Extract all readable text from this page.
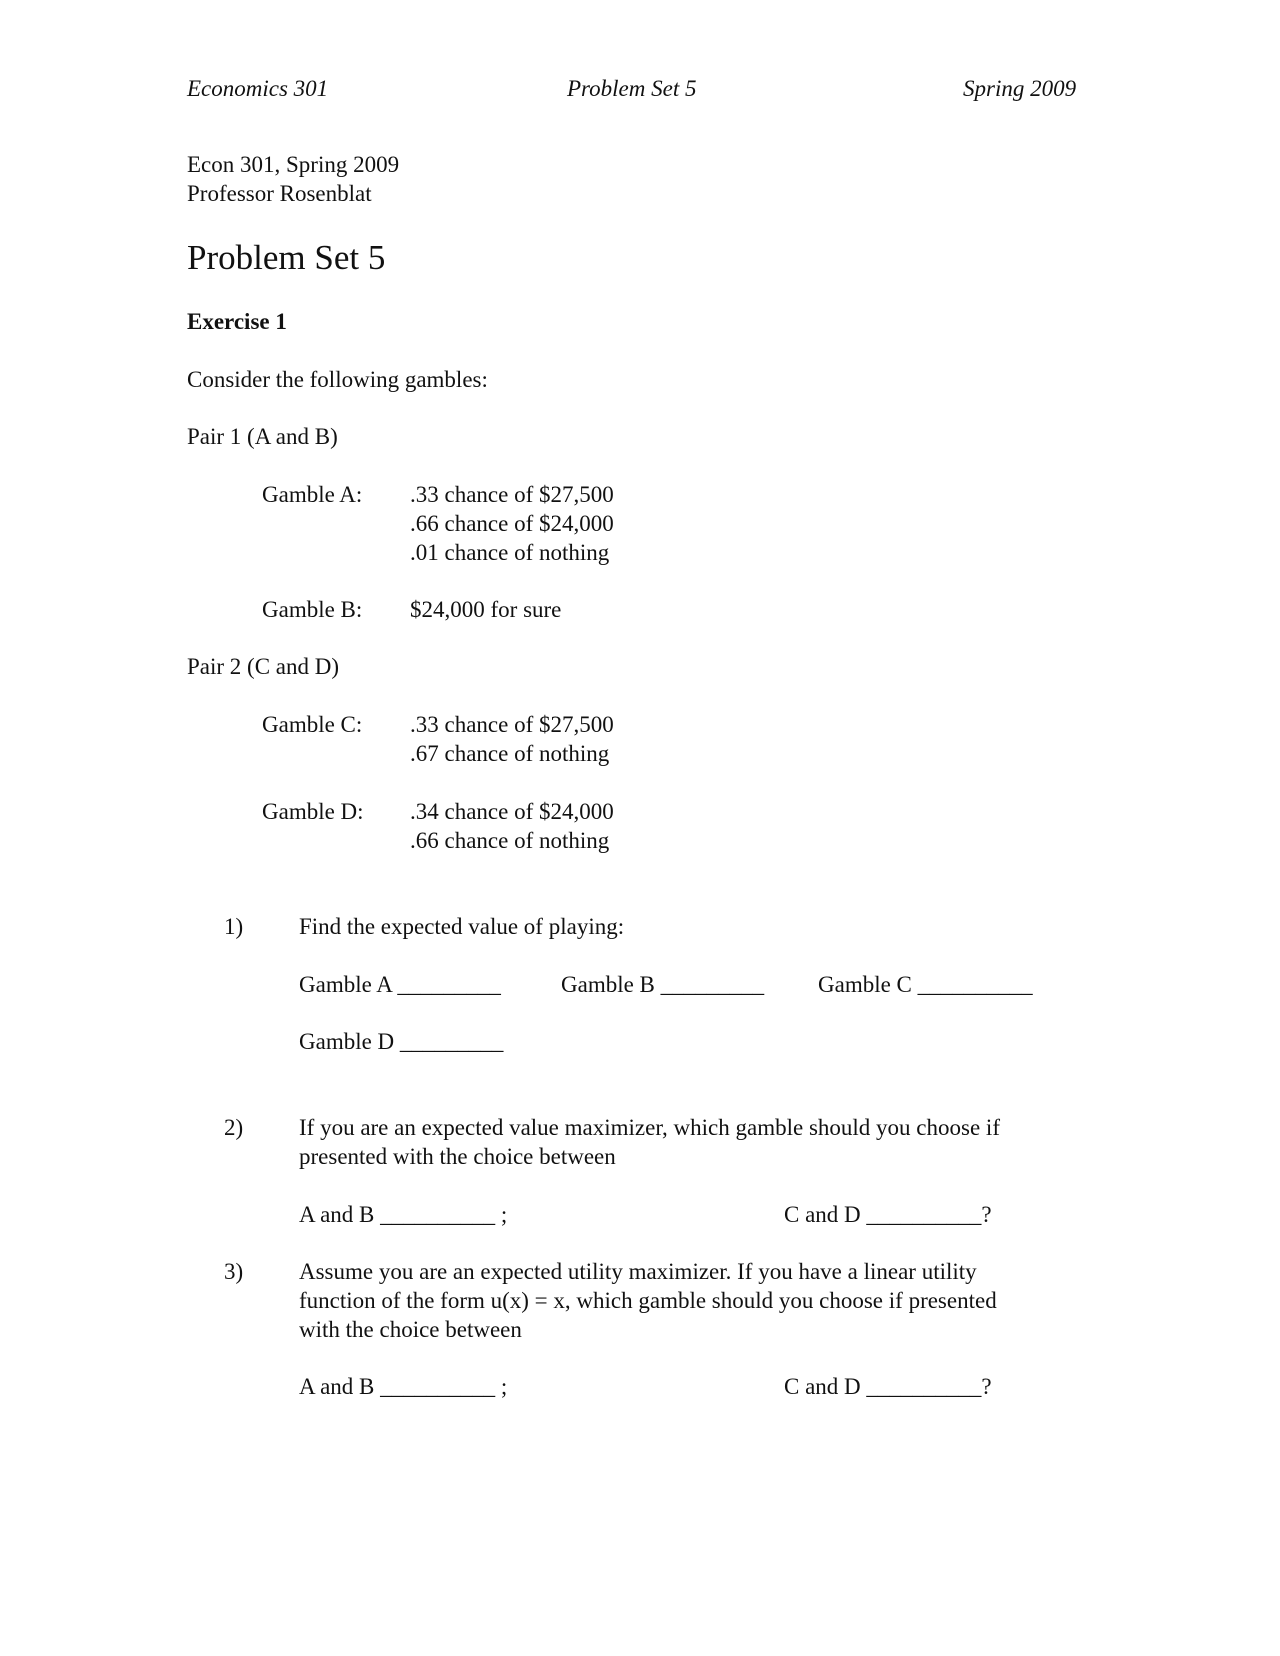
Economics 301	Problem Set 5	Spring 2009
Econ 301, Spring 2009
Professor Rosenblat
Problem Set 5
Exercise 1
Consider the following gambles:
Pair 1 (A and B)
Gamble A: .33 chance of $27,500
.66 chance of $24,000
.01 chance of nothing
Gamble B: $24,000 for sure
Pair 2 (C and D)
Gamble C: .33 chance of $27,500
.67 chance of nothing
Gamble D: .34 chance of $24,000
.66 chance of nothing
1) Find the expected value of playing:
Gamble A _________	Gamble B _________ Gamble C __________
Gamble D _________
2) If you are an expected value maximizer, which gamble should you choose if
presented with the choice between
A and B __________ ;	C and D __________?
3) Assume you are an expected utility maximizer. If you have a linear utility
function of the form u(x) = x, which gamble should you choose if presented
with the choice between
A and B __________ ;	C and D __________?
